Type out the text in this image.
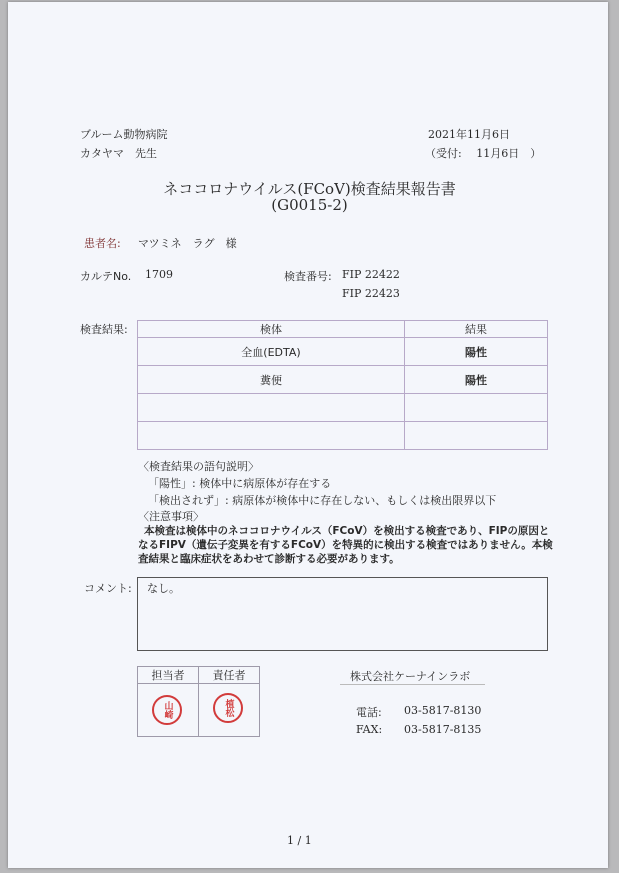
ブルーム動物病院
カタヤマ　先生
2021年11月6日
（受付:　 11月6日　）
ネココロナウイルス(FCoV)検査結果報告書
(G0015-2)
患者名: マツミネ　ラグ　様
カルテNo. 1709	検査番号: FIP 22422
FIP 22423
検査結果:	検体	結果
全血(EDTA)	陽性
糞便	陽性

〈検査結果の語句説明〉
「陽性」: 検体中に病原体が存在する
「検出されず」: 病原体が検体中に存在しない、もしくは検出限界以下
〈注意事項〉
本検査は検体中のネココロナウイルス（FCoV）を検出する検査であり、FIPの原因と
なるFIPV（遺伝子変異を有するFCoV）を特異的に検出する検査ではありません。本検
査結果と臨床症状をあわせて診断する必要があります。
コメント: なし。
担当者	責任者

山崎	植松
株式会社ケーナインラボ
電話: 03-5817-8130
FAX: 03-5817-8135
1 / 1
